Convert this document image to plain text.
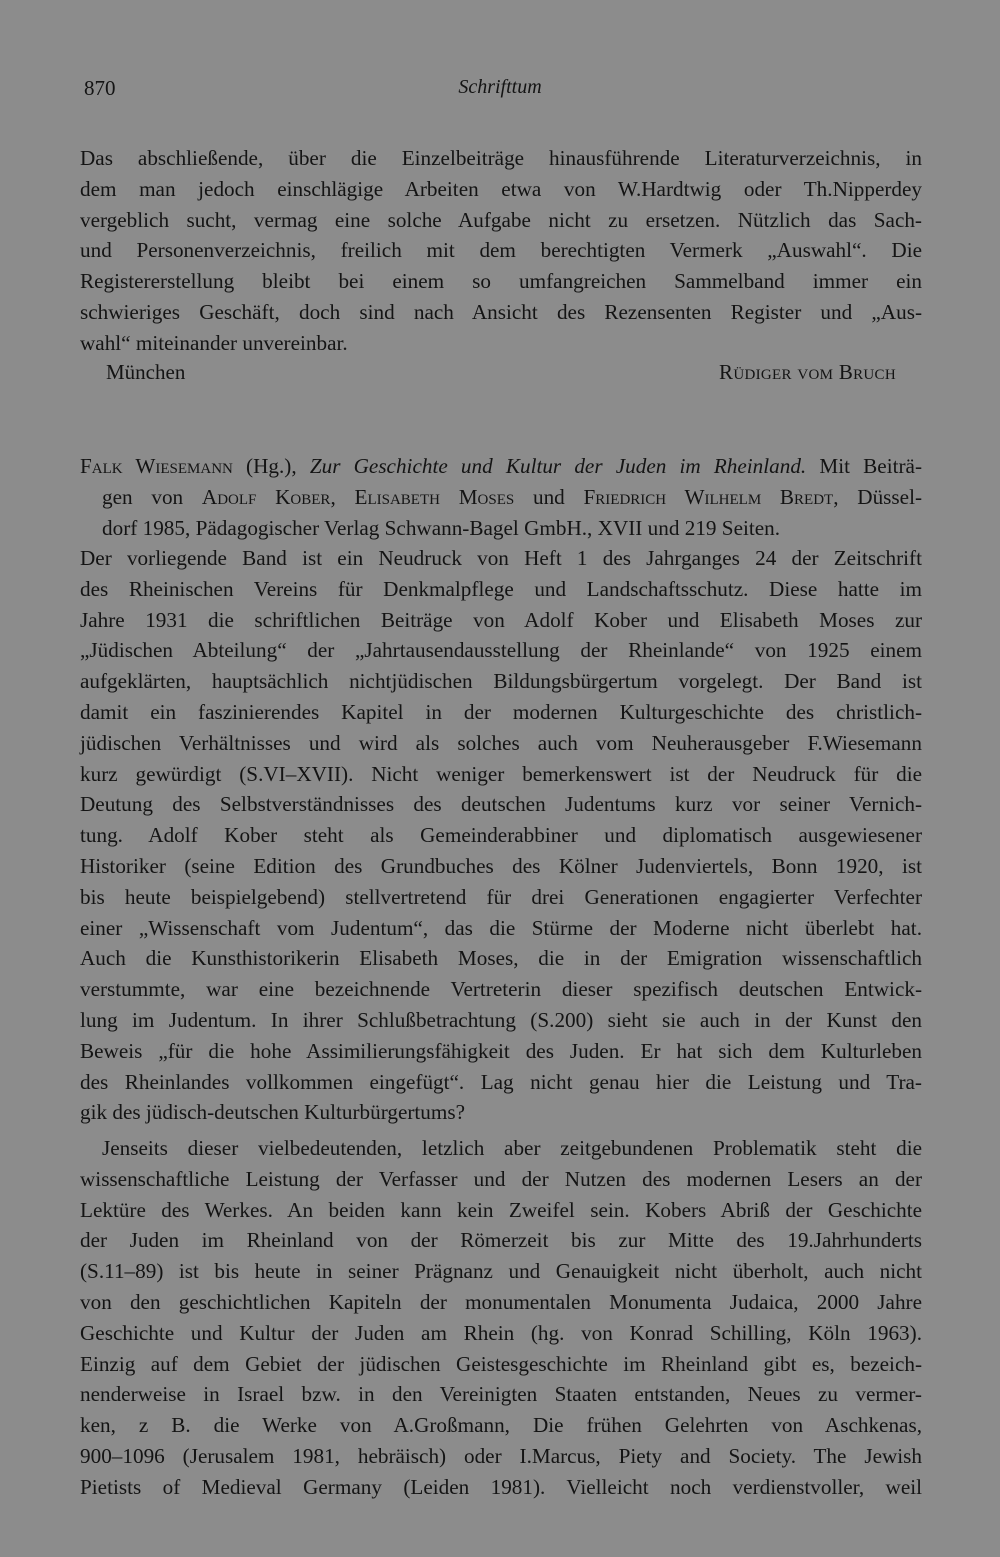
870	Schrifttum
Das abschließende, über die Einzelbeiträge hinausführende Literaturverzeichnis, in
dem man jedoch einschlägige Arbeiten etwa von W.Hardtwig oder Th.Nipperdey
vergeblich sucht, vermag eine solche Aufgabe nicht zu ersetzen. Nützlich das Sach-
und Personenverzeichnis, freilich mit dem berechtigten Vermerk „Auswahl“. Die
Registererstellung bleibt bei einem so umfangreichen Sammelband immer ein
schwieriges Geschäft, doch sind nach Ansicht des Rezensenten Register und „Aus-
wahl“ miteinander unvereinbar.
München	Rüdiger vom Bruch
Falk Wiesemann (Hg.), Zur Geschichte und Kultur der Juden im Rheinland. Mit Beiträ-
gen von Adolf Kober, Elisabeth Moses und Friedrich Wilhelm Bredt, Düssel-
dorf 1985, Pädagogischer Verlag Schwann-Bagel GmbH., XVII und 219 Seiten.
Der vorliegende Band ist ein Neudruck von Heft 1 des Jahrganges 24 der Zeitschrift
des Rheinischen Vereins für Denkmalpflege und Landschaftsschutz. Diese hatte im
Jahre 1931 die schriftlichen Beiträge von Adolf Kober und Elisabeth Moses zur
„Jüdischen Abteilung“ der „Jahrtausendausstellung der Rheinlande“ von 1925 einem
aufgeklärten, hauptsächlich nichtjüdischen Bildungsbürgertum vorgelegt. Der Band ist
damit ein faszinierendes Kapitel in der modernen Kulturgeschichte des christlich-
jüdischen Verhältnisses und wird als solches auch vom Neuherausgeber F.Wiesemann
kurz gewürdigt (S.VI–XVII). Nicht weniger bemerkenswert ist der Neudruck für die
Deutung des Selbstverständnisses des deutschen Judentums kurz vor seiner Vernich-
tung. Adolf Kober steht als Gemeinderabbiner und diplomatisch ausgewiesener
Historiker (seine Edition des Grundbuches des Kölner Judenviertels, Bonn 1920, ist
bis heute beispielgebend) stellvertretend für drei Generationen engagierter Verfechter
einer „Wissenschaft vom Judentum“, das die Stürme der Moderne nicht überlebt hat.
Auch die Kunsthistorikerin Elisabeth Moses, die in der Emigration wissenschaftlich
verstummte, war eine bezeichnende Vertreterin dieser spezifisch deutschen Entwick-
lung im Judentum. In ihrer Schlußbetrachtung (S.200) sieht sie auch in der Kunst den
Beweis „für die hohe Assimilierungsfähigkeit des Juden. Er hat sich dem Kulturleben
des Rheinlandes vollkommen eingefügt“. Lag nicht genau hier die Leistung und Tra-
gik des jüdisch-deutschen Kulturbürgertums?
Jenseits dieser vielbedeutenden, letzlich aber zeitgebundenen Problematik steht die
wissenschaftliche Leistung der Verfasser und der Nutzen des modernen Lesers an der
Lektüre des Werkes. An beiden kann kein Zweifel sein. Kobers Abriß der Geschichte
der Juden im Rheinland von der Römerzeit bis zur Mitte des 19.Jahrhunderts
(S.11–89) ist bis heute in seiner Prägnanz und Genauigkeit nicht überholt, auch nicht
von den geschichtlichen Kapiteln der monumentalen Monumenta Judaica, 2000 Jahre
Geschichte und Kultur der Juden am Rhein (hg. von Konrad Schilling, Köln 1963).
Einzig auf dem Gebiet der jüdischen Geistesgeschichte im Rheinland gibt es, bezeich-
nenderweise in Israel bzw. in den Vereinigten Staaten entstanden, Neues zu vermer-
ken, z B. die Werke von A.Großmann, Die frühen Gelehrten von Aschkenas,
900–1096 (Jerusalem 1981, hebräisch) oder I.Marcus, Piety and Society. The Jewish
Pietists of Medieval Germany (Leiden 1981). Vielleicht noch verdienstvoller, weil
